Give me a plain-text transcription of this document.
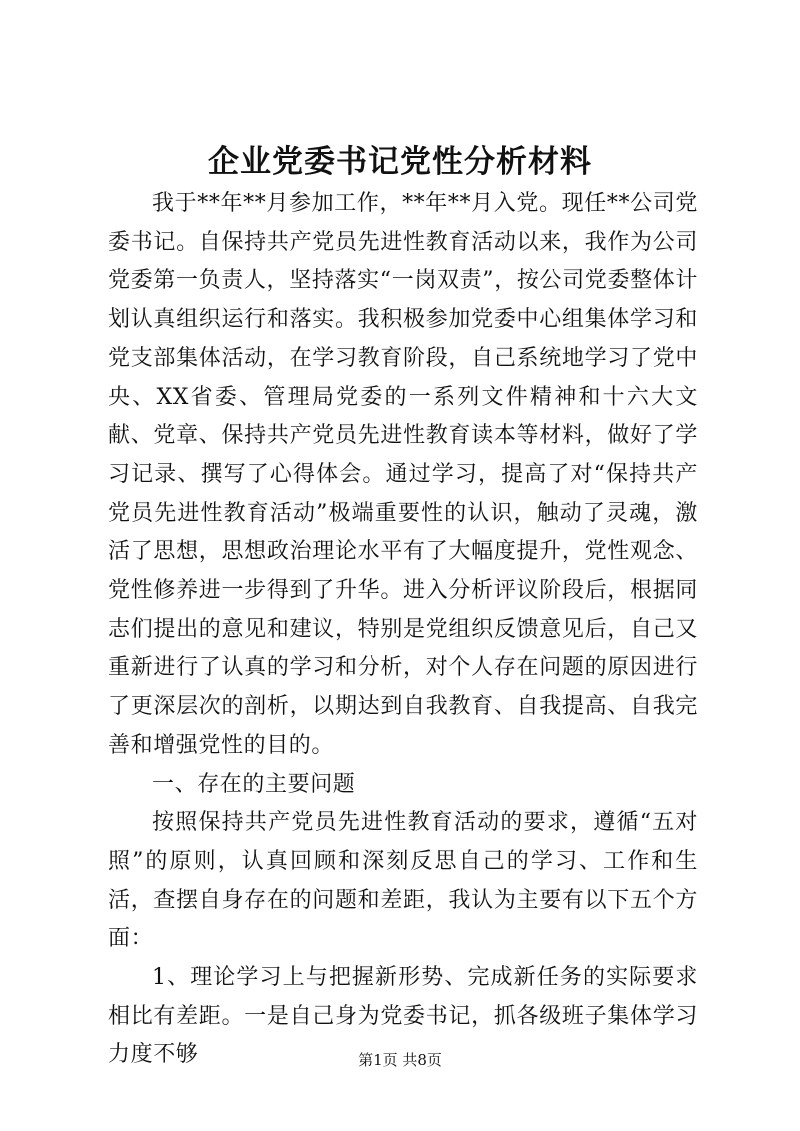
企业党委书记党性分析材料

我于**年**月参加工作，**年**月入党。现任**公司党委书记。自保持共产党员先进性教育活动以来，我作为公司党委第一负责人，坚持落实“一岗双责”，按公司党委整体计划认真组织运行和落实。我积极参加党委中心组集体学习和党支部集体活动，在学习教育阶段，自己系统地学习了党中央、XX省委、管理局党委的一系列文件精神和十六大文献、党章、保持共产党员先进性教育读本等材料，做好了学习记录、撰写了心得体会。通过学习，提高了对“保持共产党员先进性教育活动”极端重要性的认识，触动了灵魂，激活了思想，思想政治理论水平有了大幅度提升，党性观念、党性修养进一步得到了升华。进入分析评议阶段后，根据同志们提出的意见和建议，特别是党组织反馈意见后，自己又重新进行了认真的学习和分析，对个人存在问题的原因进行了更深层次的剖析，以期达到自我教育、自我提高、自我完善和增强党性的目的。

一、存在的主要问题

按照保持共产党员先进性教育活动的要求，遵循“五对照”的原则，认真回顾和深刻反思自己的学习、工作和生活，查摆自身存在的问题和差距，我认为主要有以下五个方面：

1、理论学习上与把握新形势、完成新任务的实际要求相比有差距。一是自己身为党委书记，抓各级班子集体学习力度不够	第1页 共8页
